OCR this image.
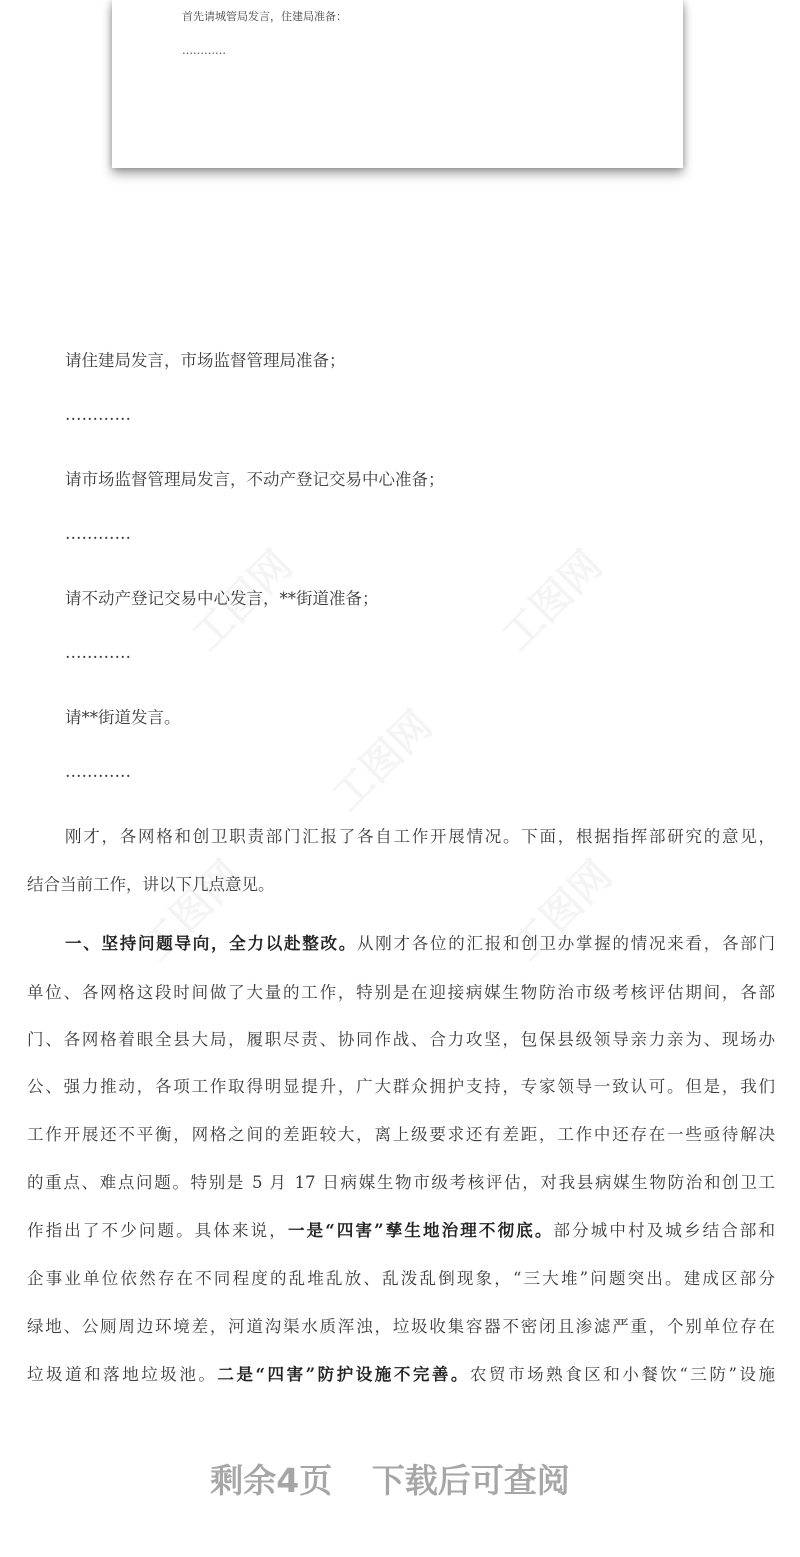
首先请城管局发言，住建局准备：
…………
请住建局发言，市场监督管理局准备；
…………
请市场监督管理局发言，不动产登记交易中心准备；
…………
请不动产登记交易中心发言，**街道准备；
…………
请**街道发言。
…………
刚才，各网格和创卫职责部门汇报了各自工作开展情况。下面，根据指挥部研究的意见，
结合当前工作，讲以下几点意见。
一、坚持问题导向，全力以赴整改。从刚才各位的汇报和创卫办掌握的情况来看，各部门
单位、各网格这段时间做了大量的工作，特别是在迎接病媒生物防治市级考核评估期间，各部
门、各网格着眼全县大局，履职尽责、协同作战、合力攻坚，包保县级领导亲力亲为、现场办
公、强力推动，各项工作取得明显提升，广大群众拥护支持，专家领导一致认可。但是，我们
工作开展还不平衡，网格之间的差距较大，离上级要求还有差距，工作中还存在一些亟待解决
的重点、难点问题。特别是 5 月 17 日病媒生物市级考核评估，对我县病媒生物防治和创卫工
作指出了不少问题。具体来说，一是“四害”孳生地治理不彻底。部分城中村及城乡结合部和
企事业单位依然存在不同程度的乱堆乱放、乱泼乱倒现象，“三大堆”问题突出。建成区部分
绿地、公厕周边环境差，河道沟渠水质浑浊，垃圾收集容器不密闭且渗滤严重，个别单位存在
垃圾道和落地垃圾池。二是“四害”防护设施不完善。农贸市场熟食区和小餐饮“三防”设施
剩余4页 下载后可查阅
